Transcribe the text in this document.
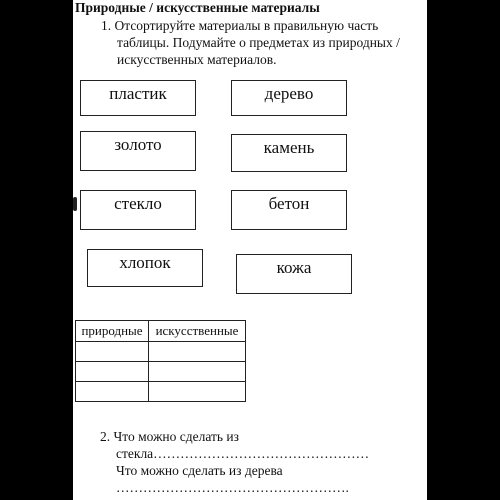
Природные / искусственные материалы
1. Отсортируйте материалы в правильную часть
таблицы. Подумайте о предметах из природных /
искусственных материалов.
пластик	дерево
золото	камень
стекло	бетон
хлопок	кожа
природные	искусственные

2. Что можно сделать из
стекла…………………………………………
Что можно сделать из дерева
…………………………………………….
